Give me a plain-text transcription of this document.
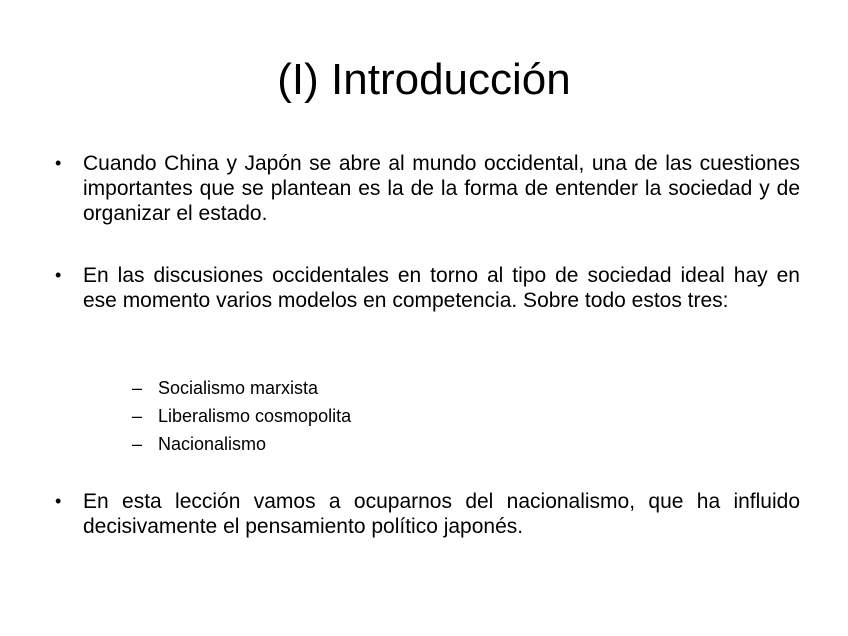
(I) Introducción
•	Cuando China y Japón se abre al mundo occidental, una de las cuestiones importantes que se plantean es la de la forma de entender la sociedad y de organizar el estado.
•	En las discusiones occidentales en torno al tipo de sociedad ideal hay en ese momento varios modelos en competencia. Sobre todo estos tres:
•	En esta lección vamos a ocuparnos del nacionalismo, que ha influido decisivamente el pensamiento político japonés.
– Socialismo marxista
– Liberalismo cosmopolita
– Nacionalismo
